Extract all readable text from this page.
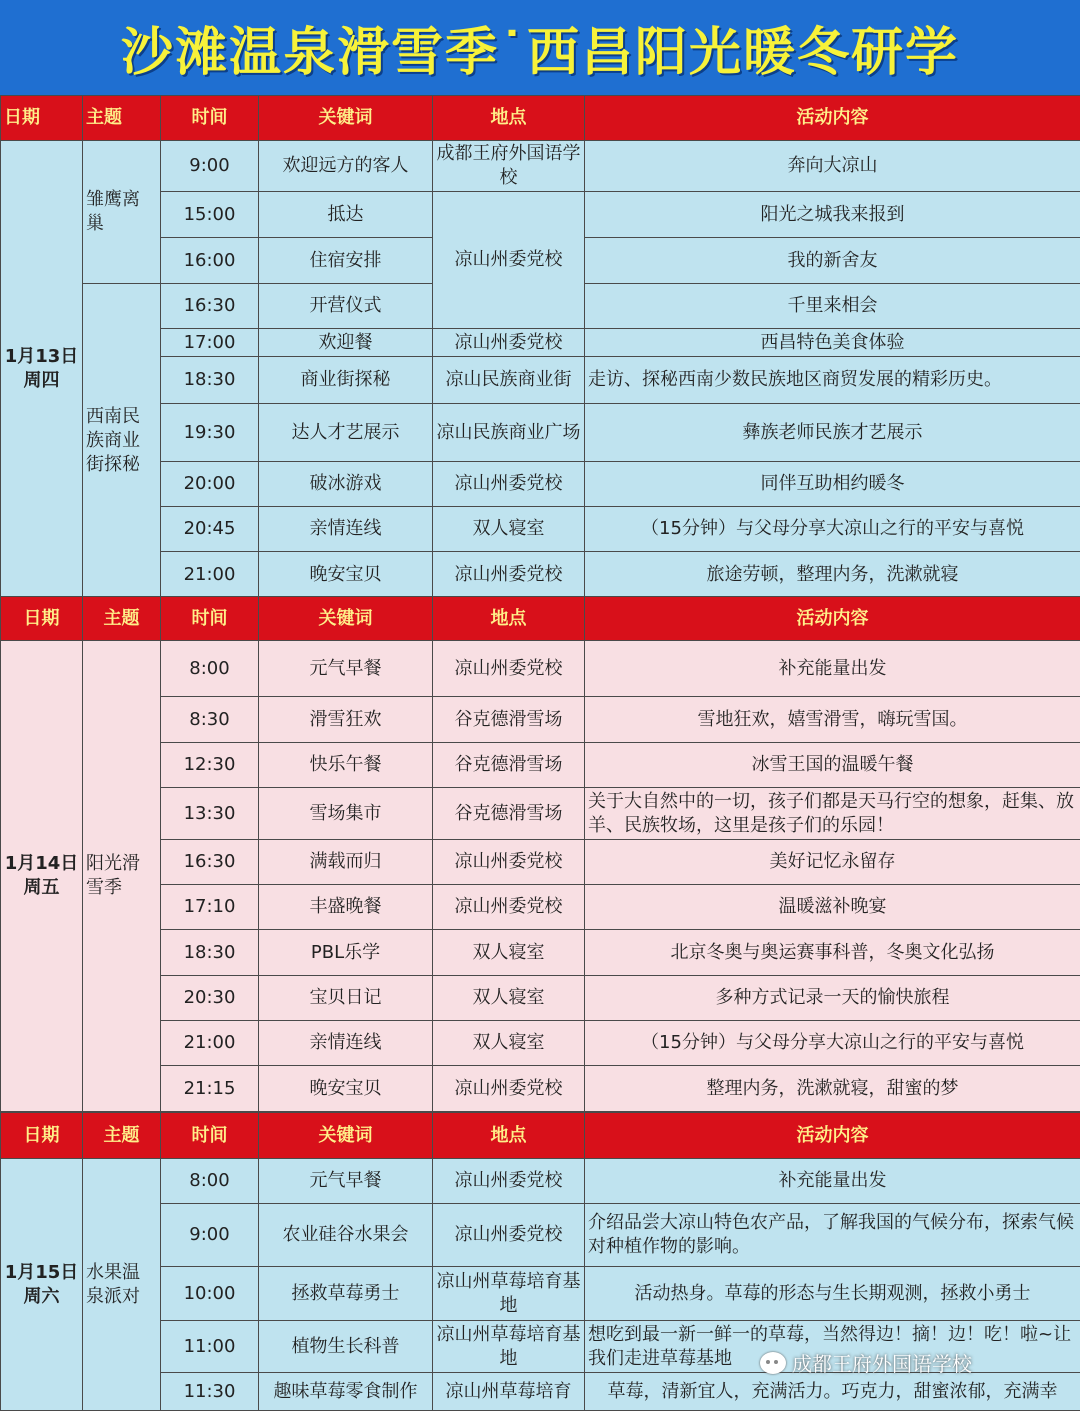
沙滩温泉滑雪季˙西昌阳光暖冬研学
日期	主题	时间	关键词	地点	活动内容
1月13日
周四	雏鹰离巢	9:00	欢迎远方的客人	成都王府外国语学校	奔向大凉山
		15:00	抵达	凉山州委党校	阳光之城我来报到
		16:00	住宿安排		我的新舍友
	西南民族商业街探秘	16:30	开营仪式		千里来相会
		17:00	欢迎餐	凉山州委党校	西昌特色美食体验
		18:30	商业街探秘	凉山民族商业街	走访、探秘西南少数民族地区商贸发展的精彩历史。
		19:30	达人才艺展示	凉山民族商业广场	彝族老师民族才艺展示
		20:00	破冰游戏	凉山州委党校	同伴互助相约暖冬
		20:45	亲情连线	双人寝室	（15分钟）与父母分享大凉山之行的平安与喜悦
		21:00	晚安宝贝	凉山州委党校	旅途劳顿，整理内务，洗漱就寝
日期	主题	时间	关键词	地点	活动内容
1月14日
周五	阳光滑雪季	8:00	元气早餐	凉山州委党校	补充能量出发
		8:30	滑雪狂欢	谷克德滑雪场	雪地狂欢，嬉雪滑雪，嗨玩雪国。
		12:30	快乐午餐	谷克德滑雪场	冰雪王国的温暖午餐
		13:30	雪场集市	谷克德滑雪场	关于大自然中的一切，孩子们都是天马行空的想象，赶集、放羊、民族牧场，这里是孩子们的乐园！
		16:30	满载而归	凉山州委党校	美好记忆永留存
		17:10	丰盛晚餐	凉山州委党校	温暖滋补晚宴
		18:30	PBL乐学	双人寝室	北京冬奥与奥运赛事科普，冬奥文化弘扬
		20:30	宝贝日记	双人寝室	多种方式记录一天的愉快旅程
		21:00	亲情连线	双人寝室	（15分钟）与父母分享大凉山之行的平安与喜悦
		21:15	晚安宝贝	凉山州委党校	整理内务，洗漱就寝，甜蜜的梦
日期	主题	时间	关键词	地点	活动内容
1月15日
周六	水果温泉派对	8:00	元气早餐	凉山州委党校	补充能量出发
		9:00	农业硅谷水果会	凉山州委党校	介绍品尝大凉山特色农产品，了解我国的气候分布，探索气候对种植作物的影响。
		10:00	拯救草莓勇士	凉山州草莓培育基地	活动热身。草莓的形态与生长期观测，拯救小勇士
		11:00	植物生长科普	凉山州草莓培育基地	想吃到最一新一鲜一的草莓，当然得边！摘！边！吃！啦~让我们走进草莓基地
		11:30	趣味草莓零食制作	凉山州草莓培育	草莓，清新宜人，充满活力。巧克力，甜蜜浓郁，充满幸
成都王府外国语学校
